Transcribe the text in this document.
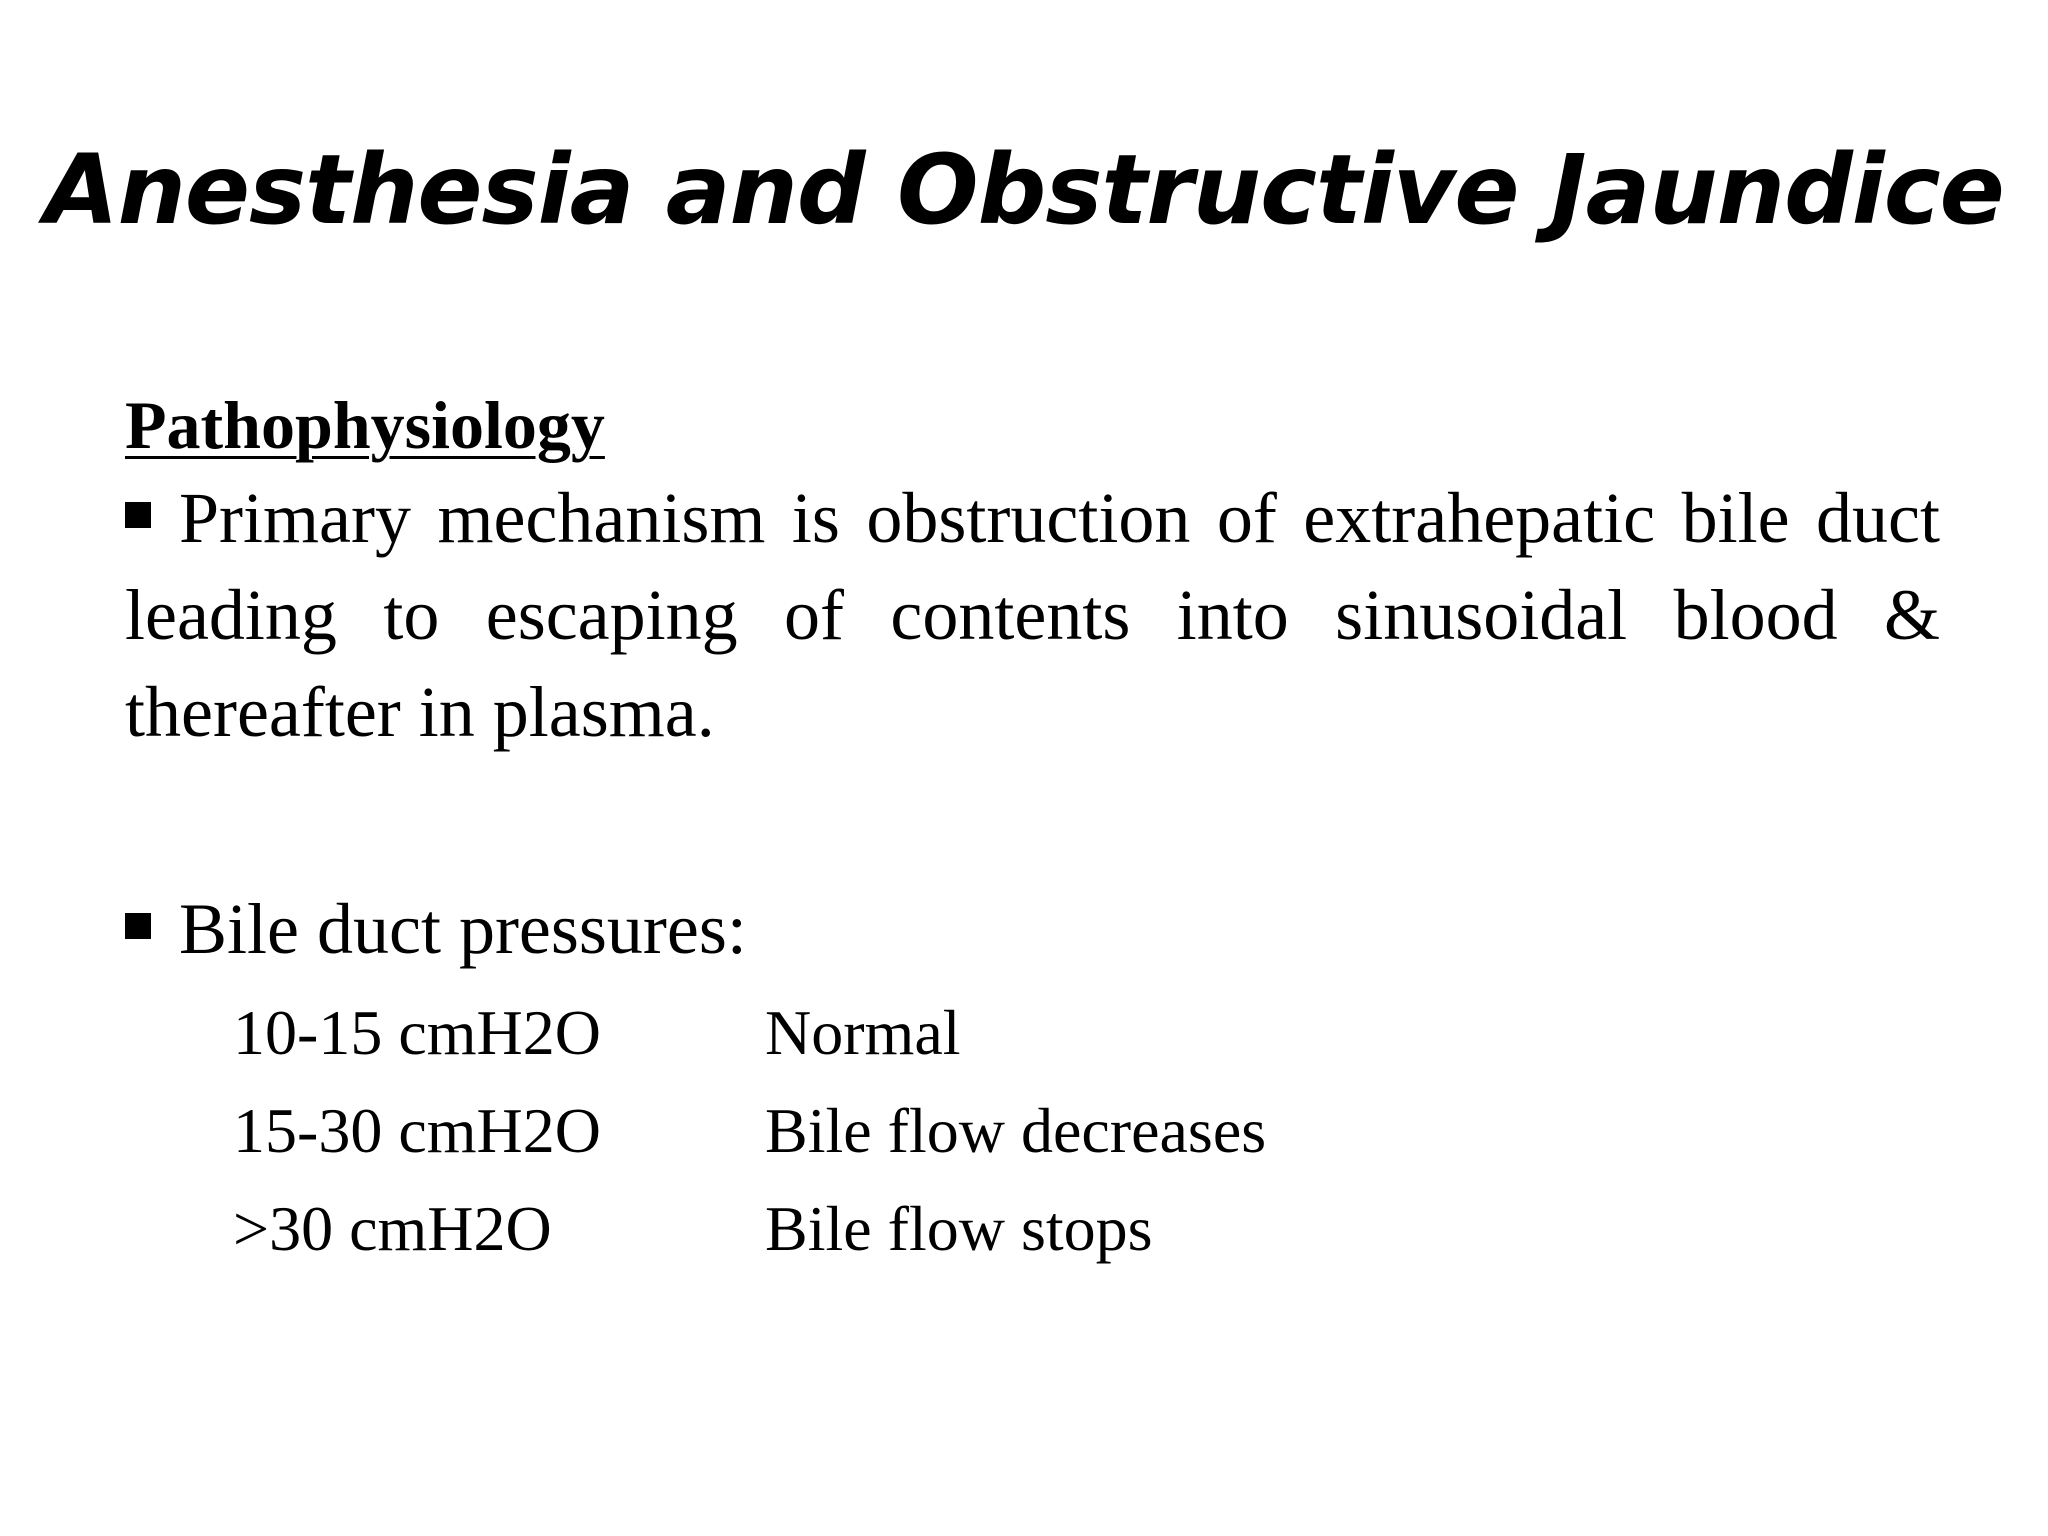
Anesthesia and Obstructive Jaundice

Pathophysiology

Primary mechanism is obstruction of extrahepatic bile duct leading to escaping of contents into sinusoidal blood & thereafter in plasma.

Bile duct pressures:

10-15 cmH2O	Normal
15-30 cmH2O	Bile flow decreases
>30 cmH2O	Bile flow stops
